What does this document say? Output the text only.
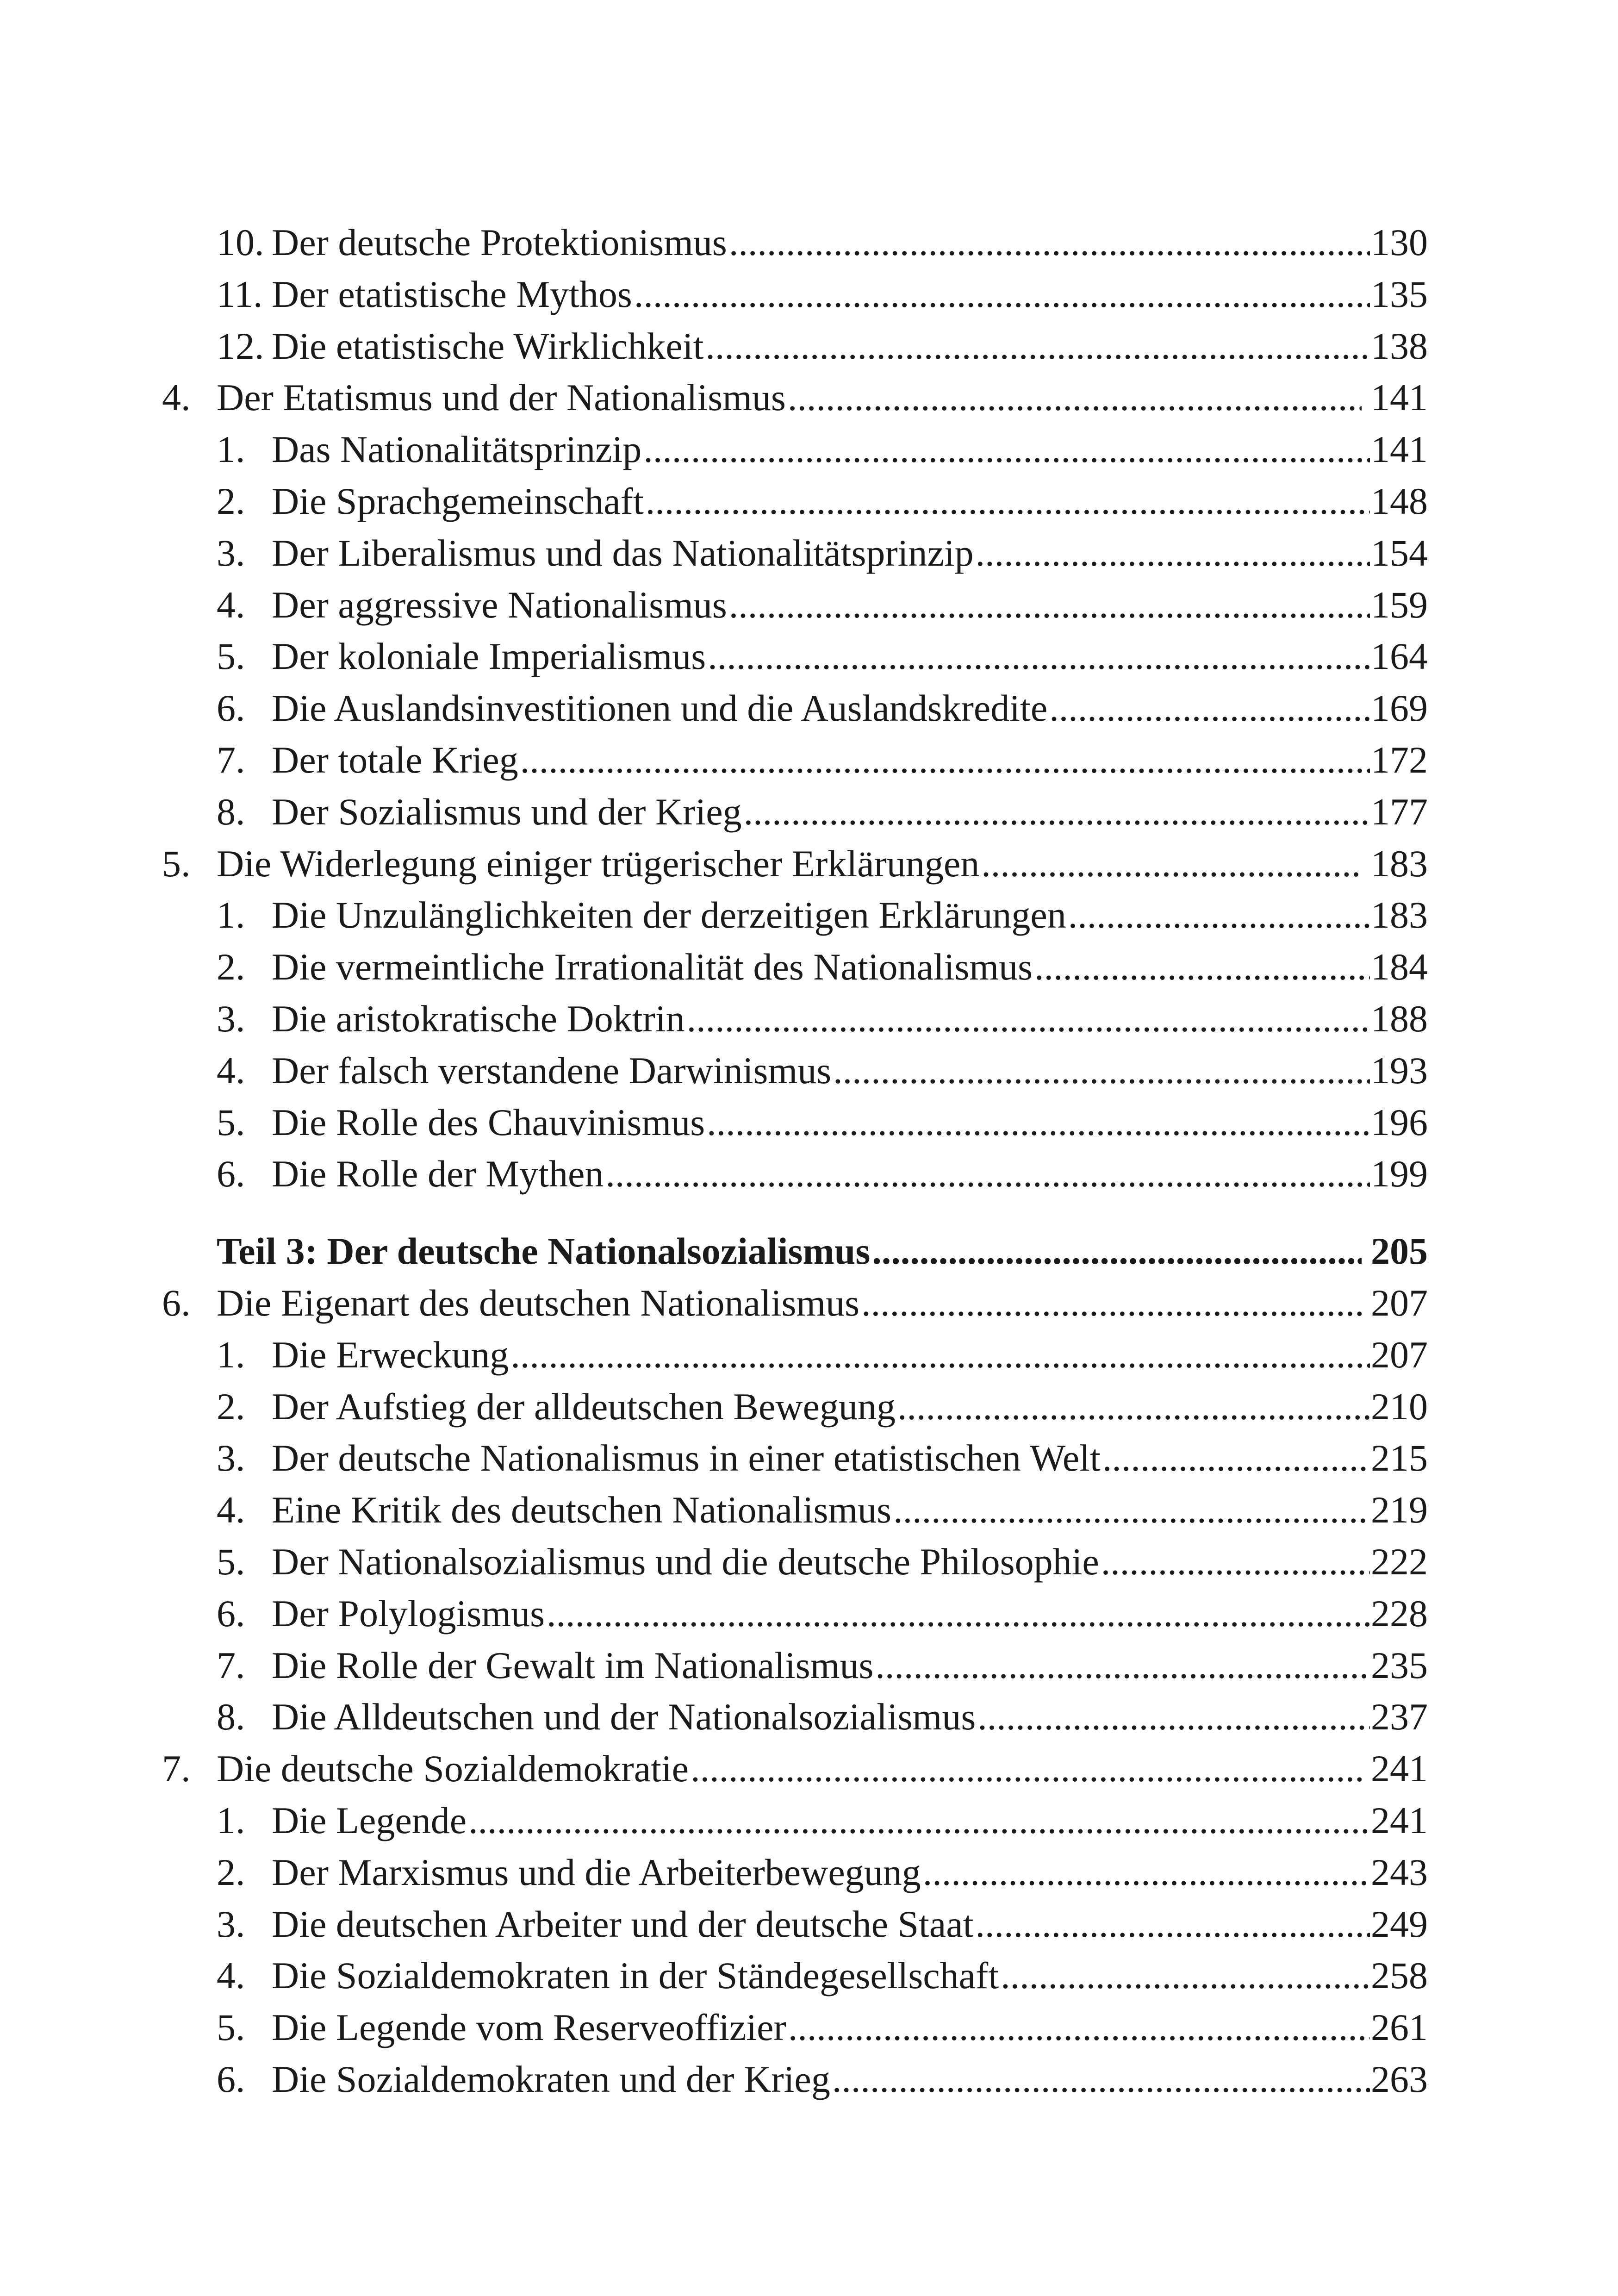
10. Der deutsche Protektionismus .....	130
11. Der etatistische Mythos .....	135
12. Die etatistische Wirklichkeit .....	138
4. Der Etatismus und der Nationalismus .....	141
1. Das Nationalitätsprinzip .....	141
2. Die Sprachgemeinschaft .....	148
3. Der Liberalismus und das Nationalitätsprinzip .....	154
4. Der aggressive Nationalismus .....	159
5. Der koloniale Imperialismus .....	164
6. Die Auslandsinvestitionen und die Auslandskredite .....	169
7. Der totale Krieg .....	172
8. Der Sozialismus und der Krieg .....	177
5. Die Widerlegung einiger trügerischer Erklärungen .....	183
1. Die Unzulänglichkeiten der derzeitigen Erklärungen .....	183
2. Die vermeintliche Irrationalität des Nationalismus .....	184
3. Die aristokratische Doktrin .....	188
4. Der falsch verstandene Darwinismus .....	193
5. Die Rolle des Chauvinismus .....	196
6. Die Rolle der Mythen .....	199
Teil 3: Der deutsche Nationalsozialismus .....	205
6. Die Eigenart des deutschen Nationalismus .....	207
1. Die Erweckung .....	207
2. Der Aufstieg der alldeutschen Bewegung .....	210
3. Der deutsche Nationalismus in einer etatistischen Welt .....	215
4. Eine Kritik des deutschen Nationalismus .....	219
5. Der Nationalsozialismus und die deutsche Philosophie .....	222
6. Der Polylogismus .....	228
7. Die Rolle der Gewalt im Nationalismus .....	235
8. Die Alldeutschen und der Nationalsozialismus .....	237
7. Die deutsche Sozialdemokratie .....	241
1. Die Legende .....	241
2. Der Marxismus und die Arbeiterbewegung .....	243
3. Die deutschen Arbeiter und der deutsche Staat .....	249
4. Die Sozialdemokraten in der Ständegesellschaft .....	258
5. Die Legende vom Reserveoffizier .....	261
6. Die Sozialdemokraten und der Krieg .....	263
